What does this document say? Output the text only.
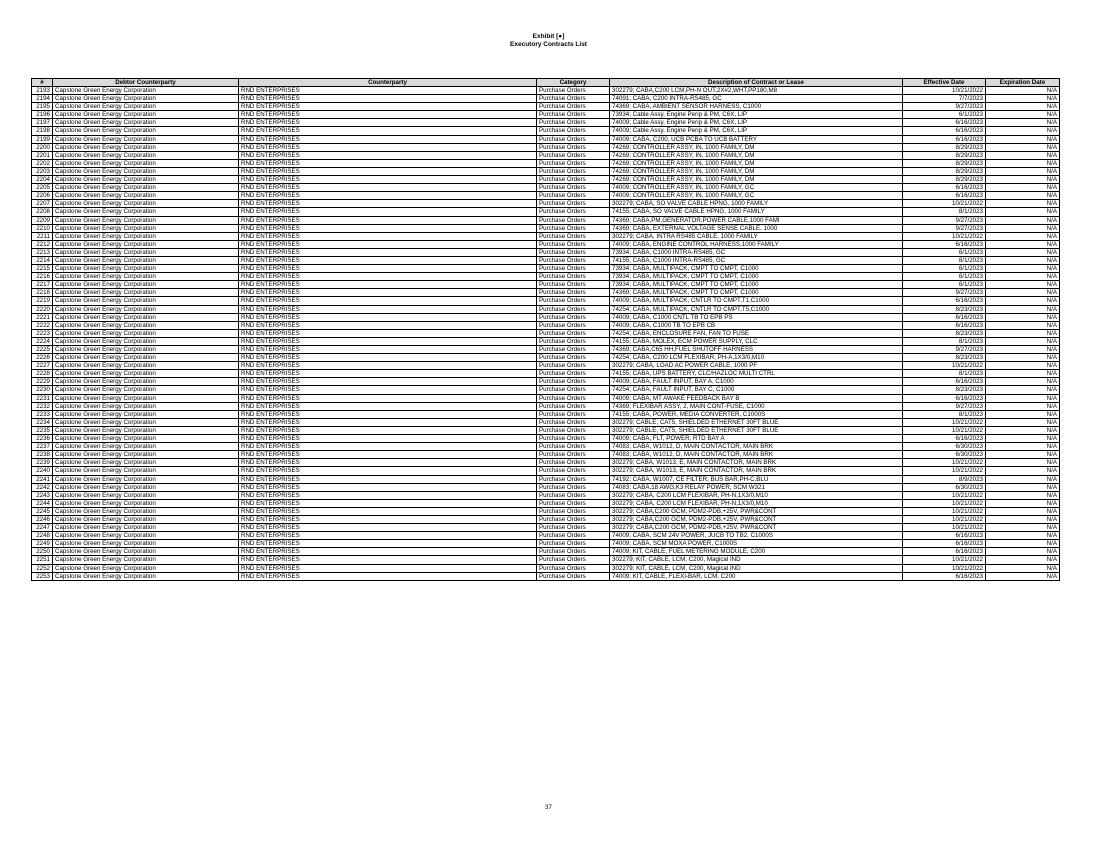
Exhibit [●]
Executory Contracts List
#	Debtor Counterparty	Counterparty	Category	Description of Contract or Lease	Effective Date	Expiration Date
2193	Capstone Green Energy Corporation	RND ENTERPRISES	Purchase Orders	302279; CABA,C200 LCM,PH-N OUT,2X#2,WHT,PP180,M8	10/21/2022	N/A
2194	Capstone Green Energy Corporation	RND ENTERPRISES	Purchase Orders	74091; CABA, C200 INTRA-RS485, GC	7/7/2023	N/A
2195	Capstone Green Energy Corporation	RND ENTERPRISES	Purchase Orders	74369; CABA, AMBIENT SENSOR HARNESS, C1000	9/27/2023	N/A
2196	Capstone Green Energy Corporation	RND ENTERPRISES	Purchase Orders	73934; Cable Assy, Engine Perip & PM, C6X, LIP	6/1/2023	N/A
2197	Capstone Green Energy Corporation	RND ENTERPRISES	Purchase Orders	74009; Cable Assy, Engine Perip & PM, C6X, LIP	6/16/2023	N/A
2198	Capstone Green Energy Corporation	RND ENTERPRISES	Purchase Orders	74009; Cable Assy, Engine Perip & PM, C6X, LIP	6/16/2023	N/A
2199	Capstone Green Energy Corporation	RND ENTERPRISES	Purchase Orders	74009; CABA, C200, UCB PCBA TO UCB BATTERY	6/16/2023	N/A
2200	Capstone Green Energy Corporation	RND ENTERPRISES	Purchase Orders	74269; CONTROLLER ASSY, IN, 1000 FAMILY, DM	8/29/2023	N/A
2201	Capstone Green Energy Corporation	RND ENTERPRISES	Purchase Orders	74269; CONTROLLER ASSY, IN, 1000 FAMILY, DM	8/29/2023	N/A
2202	Capstone Green Energy Corporation	RND ENTERPRISES	Purchase Orders	74269; CONTROLLER ASSY, IN, 1000 FAMILY, DM	8/29/2023	N/A
2203	Capstone Green Energy Corporation	RND ENTERPRISES	Purchase Orders	74269; CONTROLLER ASSY, IN, 1000 FAMILY, DM	8/29/2023	N/A
2204	Capstone Green Energy Corporation	RND ENTERPRISES	Purchase Orders	74269; CONTROLLER ASSY, IN, 1000 FAMILY, DM	8/29/2023	N/A
2205	Capstone Green Energy Corporation	RND ENTERPRISES	Purchase Orders	74009; CONTROLLER ASSY, IN, 1000 FAMILY, GC	6/16/2023	N/A
2206	Capstone Green Energy Corporation	RND ENTERPRISES	Purchase Orders	74009; CONTROLLER ASSY, IN, 1000 FAMILY, GC	6/16/2023	N/A
2207	Capstone Green Energy Corporation	RND ENTERPRISES	Purchase Orders	302279; CABA, SO VALVE CABLE HPNG, 1000 FAMILY	10/21/2022	N/A
2208	Capstone Green Energy Corporation	RND ENTERPRISES	Purchase Orders	74155; CABA, SO VALVE CABLE HPNG, 1000 FAMILY	8/1/2023	N/A
2209	Capstone Green Energy Corporation	RND ENTERPRISES	Purchase Orders	74369; CABA,PM,GENERATOR,POWER CABLE,1000 FAMI	9/27/2023	N/A
2210	Capstone Green Energy Corporation	RND ENTERPRISES	Purchase Orders	74369; CABA, EXTERNAL VOLTAGE SENSE CABLE, 1000	9/27/2023	N/A
2211	Capstone Green Energy Corporation	RND ENTERPRISES	Purchase Orders	302279; CABA, INTRA RS485 CABLE, 1000 FAMILY	10/21/2022	N/A
2212	Capstone Green Energy Corporation	RND ENTERPRISES	Purchase Orders	74009; CABA, ENGINE CONTROL HARNESS,1000 FAMILY	6/16/2023	N/A
2213	Capstone Green Energy Corporation	RND ENTERPRISES	Purchase Orders	73934; CABA, C1000 INTRA-RS485, GC	6/1/2023	N/A
2214	Capstone Green Energy Corporation	RND ENTERPRISES	Purchase Orders	74155; CABA, C1000 INTRA-RS485, GC	8/1/2023	N/A
2215	Capstone Green Energy Corporation	RND ENTERPRISES	Purchase Orders	73934; CABA, MULTIPACK, CMPT TO CMPT, C1000	6/1/2023	N/A
2216	Capstone Green Energy Corporation	RND ENTERPRISES	Purchase Orders	73934; CABA, MULTIPACK, CMPT TO CMPT, C1000	6/1/2023	N/A
2217	Capstone Green Energy Corporation	RND ENTERPRISES	Purchase Orders	73934; CABA, MULTIPACK, CMPT TO CMPT, C1000	6/1/2023	N/A
2218	Capstone Green Energy Corporation	RND ENTERPRISES	Purchase Orders	74369; CABA, MULTIPACK, CMPT TO CMPT, C1000	9/27/2023	N/A
2219	Capstone Green Energy Corporation	RND ENTERPRISES	Purchase Orders	74009; CABA, MULTIPACK, CNTLR TO CMPT,T1,C1000	6/16/2023	N/A
2220	Capstone Green Energy Corporation	RND ENTERPRISES	Purchase Orders	74254; CABA, MULTIPACK, CNTLR TO CMPT,T5,C1000	8/23/2023	N/A
2221	Capstone Green Energy Corporation	RND ENTERPRISES	Purchase Orders	74009; CABA, C1000 CNTL TB TO EPB PS	6/16/2023	N/A
2222	Capstone Green Energy Corporation	RND ENTERPRISES	Purchase Orders	74009; CABA, C1000 TB TO EPB CB	6/16/2023	N/A
2223	Capstone Green Energy Corporation	RND ENTERPRISES	Purchase Orders	74254; CABA, ENCLOSURE FAN, FAN TO FUSE	8/23/2023	N/A
2224	Capstone Green Energy Corporation	RND ENTERPRISES	Purchase Orders	74155; CABA, MOLEX, ECM POWER SUPPLY, CLC	8/1/2023	N/A
2225	Capstone Green Energy Corporation	RND ENTERPRISES	Purchase Orders	74369; CABA,C65 HH,FUEL SHUTOFF HARNESS	9/27/2023	N/A
2226	Capstone Green Energy Corporation	RND ENTERPRISES	Purchase Orders	74254; CABA, C200 LCM FLEXIBAR, PH-A,1X3/0,M10	8/23/2023	N/A
2227	Capstone Green Energy Corporation	RND ENTERPRISES	Purchase Orders	302279; CABA, LOAD AC POWER CABLE, 1000 PF	10/21/2022	N/A
2228	Capstone Green Energy Corporation	RND ENTERPRISES	Purchase Orders	74155; CABA, UPS BATTERY, CLC/HAZLOC MULTI CTRL	8/1/2023	N/A
2229	Capstone Green Energy Corporation	RND ENTERPRISES	Purchase Orders	74009; CABA, FAULT INPUT, BAY A, C1000	6/16/2023	N/A
2230	Capstone Green Energy Corporation	RND ENTERPRISES	Purchase Orders	74254; CABA, FAULT INPUT, BAY C, C1000	8/23/2023	N/A
2231	Capstone Green Energy Corporation	RND ENTERPRISES	Purchase Orders	74009; CABA, MT AWAKE FEEDBACK BAY B	6/16/2023	N/A
2232	Capstone Green Energy Corporation	RND ENTERPRISES	Purchase Orders	74369; FLEXIBAR ASSY, 2, MAIN CONT-FUSE, C1000	9/27/2023	N/A
2233	Capstone Green Energy Corporation	RND ENTERPRISES	Purchase Orders	74155; CABA, POWER, MEDIA CONVERTER, C1000S	8/1/2023	N/A
2234	Capstone Green Energy Corporation	RND ENTERPRISES	Purchase Orders	302279; CABLE, CAT5, SHIELDED ETHERNET 30FT BLUE	10/21/2022	N/A
2235	Capstone Green Energy Corporation	RND ENTERPRISES	Purchase Orders	302279; CABLE, CAT5, SHIELDED ETHERNET 30FT BLUE	10/21/2022	N/A
2236	Capstone Green Energy Corporation	RND ENTERPRISES	Purchase Orders	74009; CABA, FLT, POWER, RTD BAY A	6/16/2023	N/A
2237	Capstone Green Energy Corporation	RND ENTERPRISES	Purchase Orders	74083; CABA, W1012, D, MAIN CONTACTOR, MAIN BRK	6/30/2023	N/A
2238	Capstone Green Energy Corporation	RND ENTERPRISES	Purchase Orders	74083; CABA, W1012, D, MAIN CONTACTOR, MAIN BRK	6/30/2023	N/A
2239	Capstone Green Energy Corporation	RND ENTERPRISES	Purchase Orders	302279; CABA, W1013, E, MAIN CONTACTOR, MAIN BRK	10/21/2022	N/A
2240	Capstone Green Energy Corporation	RND ENTERPRISES	Purchase Orders	302279; CABA, W1013, E, MAIN CONTACTOR, MAIN BRK	10/21/2022	N/A
2241	Capstone Green Energy Corporation	RND ENTERPRISES	Purchase Orders	74192; CABA, W1007, CE FILTER, BUS BAR,PH-C,BLU	8/9/2023	N/A
2242	Capstone Green Energy Corporation	RND ENTERPRISES	Purchase Orders	74083; CABA,18 AWG,K3 RELAY POWER, SCM W321	6/30/2023	N/A
2243	Capstone Green Energy Corporation	RND ENTERPRISES	Purchase Orders	302279; CABA, C200 LCM FLEXIBAR, PH-N,1X3/0,M10	10/21/2022	N/A
2244	Capstone Green Energy Corporation	RND ENTERPRISES	Purchase Orders	302279; CABA, C200 LCM FLEXIBAR, PH-N,1X3/0,M10	10/21/2022	N/A
2245	Capstone Green Energy Corporation	RND ENTERPRISES	Purchase Orders	302279; CABA,C200 GCM, PDM2-PDB,+25V, PWR&CONT	10/21/2022	N/A
2246	Capstone Green Energy Corporation	RND ENTERPRISES	Purchase Orders	302279; CABA,C200 GCM, PDM2-PDB,+25V, PWR&CONT	10/21/2022	N/A
2247	Capstone Green Energy Corporation	RND ENTERPRISES	Purchase Orders	302279; CABA,C200 GCM, PDM2-PDB,+25V, PWR&CONT	10/21/2022	N/A
2248	Capstone Green Energy Corporation	RND ENTERPRISES	Purchase Orders	74009; CABA, SCM 24V POWER, JUCB TO TB2, C1000S	6/16/2023	N/A
2249	Capstone Green Energy Corporation	RND ENTERPRISES	Purchase Orders	74009; CABA, SCM MOXA POWER, C1000S	6/16/2023	N/A
2250	Capstone Green Energy Corporation	RND ENTERPRISES	Purchase Orders	74009; KIT, CABLE, FUEL METERING MODULE, C200	6/16/2023	N/A
2251	Capstone Green Energy Corporation	RND ENTERPRISES	Purchase Orders	302279; KIT, CABLE, LCM, C200, Magical IND	10/21/2022	N/A
2252	Capstone Green Energy Corporation	RND ENTERPRISES	Purchase Orders	302279; KIT, CABLE, LCM, C200, Magical IND	10/21/2022	N/A
2253	Capstone Green Energy Corporation	RND ENTERPRISES	Purchase Orders	74009; KIT, CABLE, FLEXI-BAR, LCM, C200	6/16/2023	N/A
37
